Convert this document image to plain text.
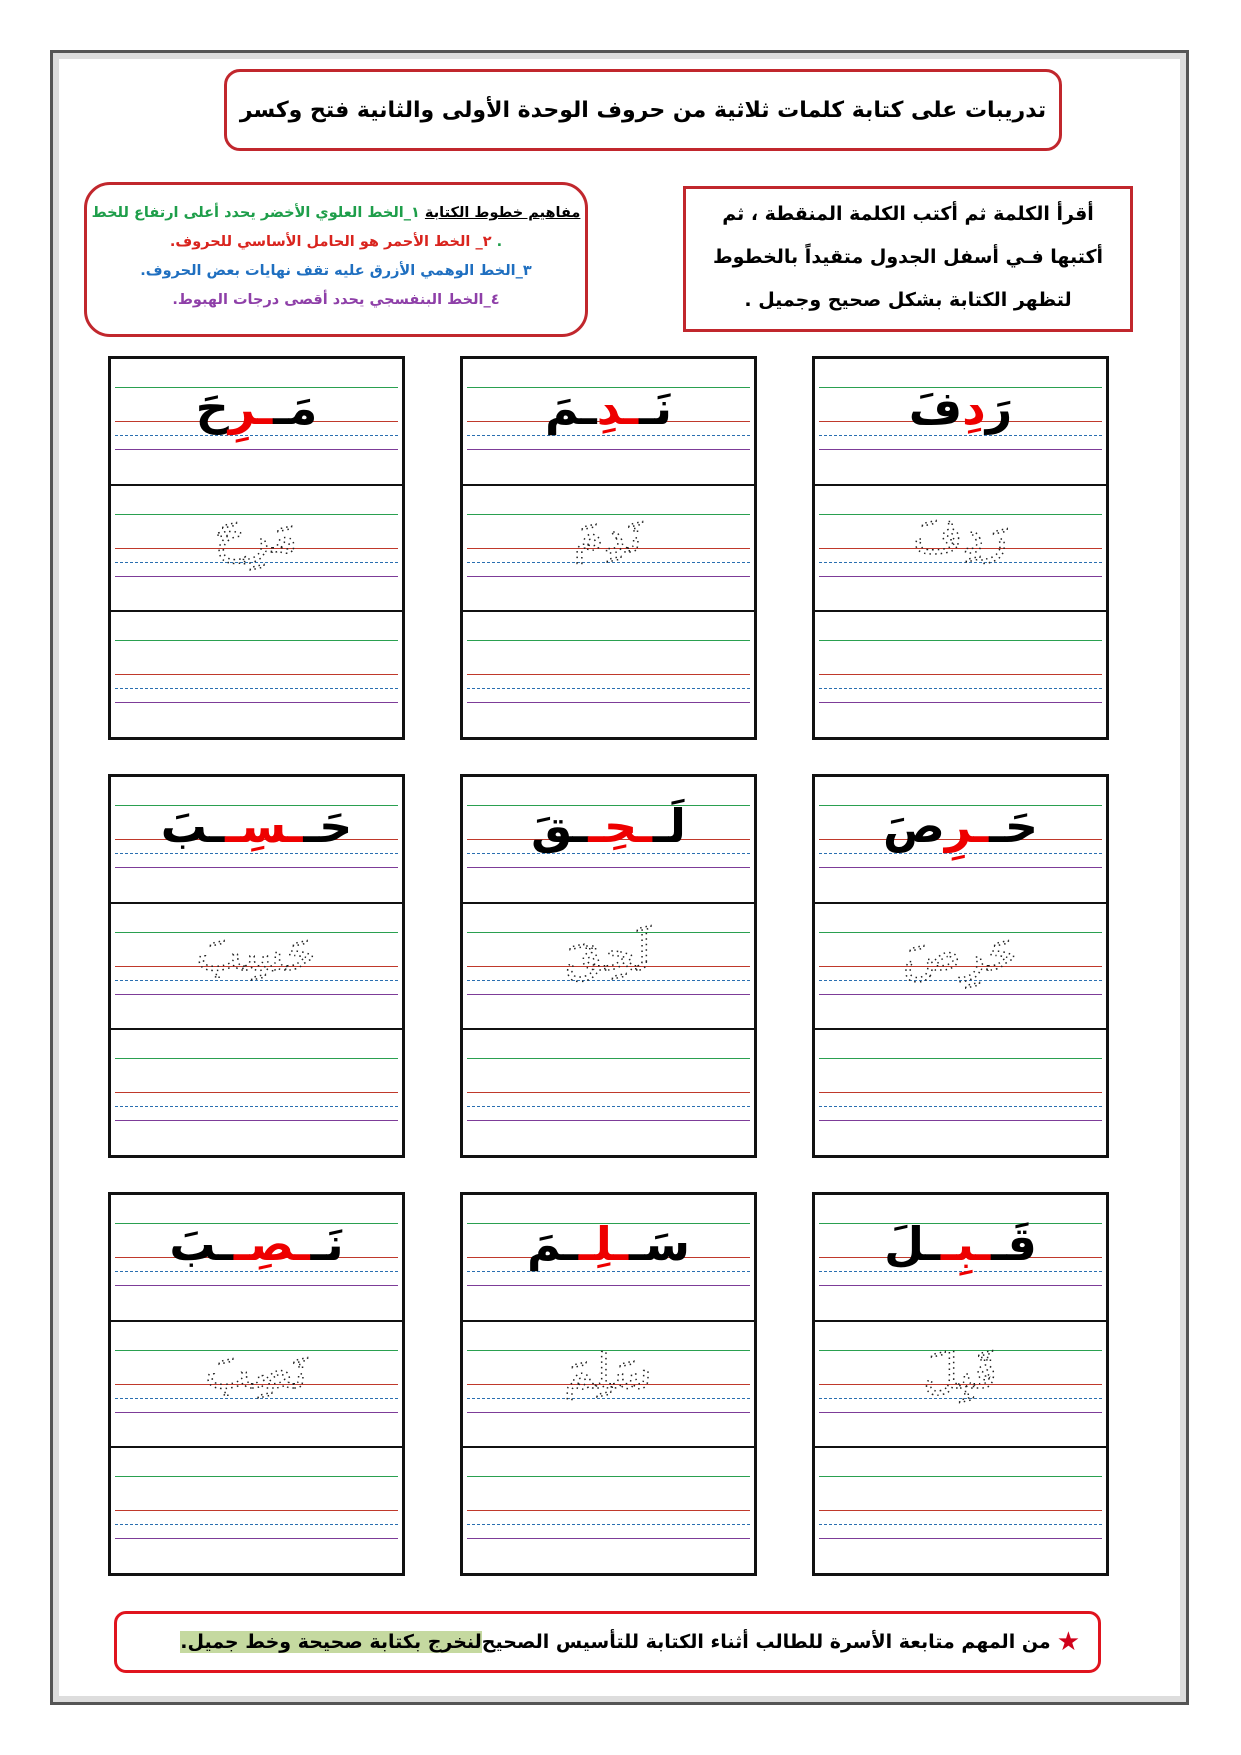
تدريبات على كتابة كلمات ثلاثية من حروف الوحدة الأولى والثانية فتح وكسر
مفاهيم خطوط الكتابة ١_الخط العلوي الأخضر يحدد أعلى ارتفاع للخط . ٢_ الخط الأحمر هو الحامل الأساسي للحروف.
٣_الخط الوهمي الأزرق عليه تقف نهايات بعض الحروف.
٤_الخط البنفسجي يحدد أقصى درجات الهبوط.
أقرأ الكلمة ثم أكتب الكلمة المنقطة ، ثم أكتبها فـي أسفل الجدول متقيداً بالخطوط لتظهر الكتابة بشكل صحيح وجميل .
رَدِفَ
رَدِفَ
نَــدِـمَ
نَدِمَ
مَــرِحَ
مَرِحَ
حَــرِصَ
حَرِصَ
لَــحِــقَ
لَحِقَ
حَــسِــبَ
حَسِبَ
قَــبِــلَ
قَبِلَ
سَــلِــمَ
سَلِمَ
نَــصِــبَ
نَصِبَ
★
من المهم متابعة الأسرة للطالب أثناء الكتابة للتأسيس الصحيح
لنخرج بكتابة صحيحة وخط جميل.
